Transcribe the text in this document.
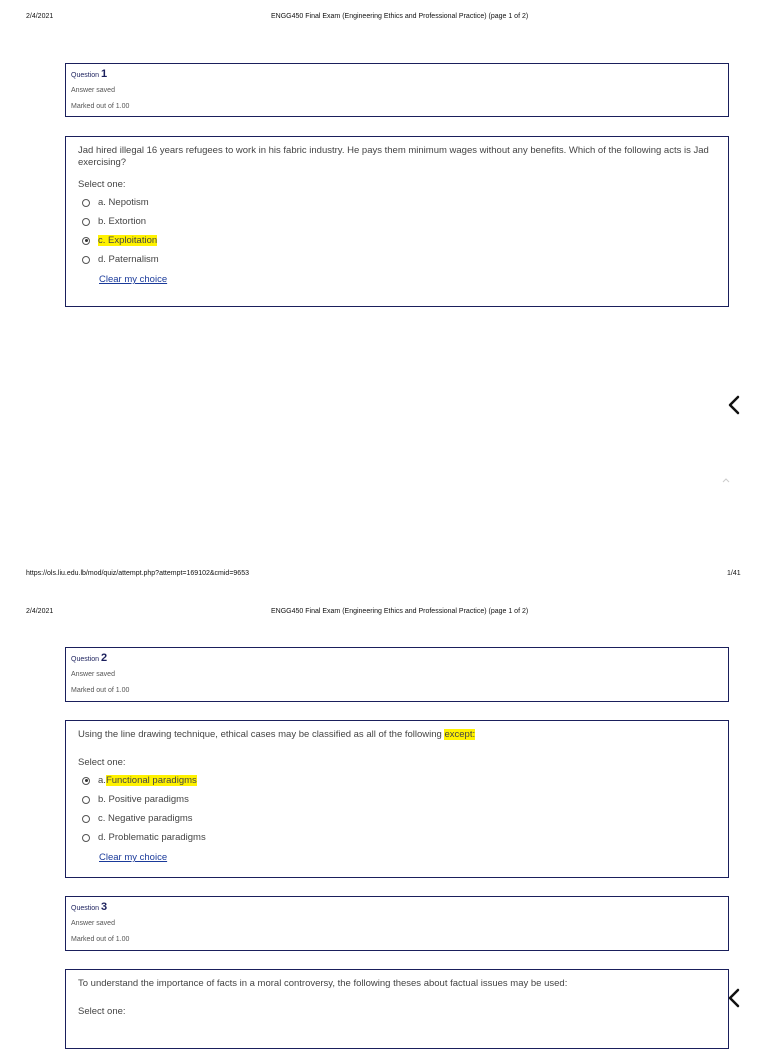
2/4/2021	ENGG450 Final Exam (Engineering Ethics and Professional Practice) (page 1 of 2)
Question 1
Answer saved
Marked out of 1.00
Jad hired illegal 16 years refugees to work in his fabric industry. He pays them minimum wages without any benefits. Which of the following acts is Jad exercising?
Select one:
a. Nepotism
b. Extortion
c. Exploitation
d. Paternalism
Clear my choice
https://ols.liu.edu.lb/mod/quiz/attempt.php?attempt=169102&cmid=9653	1/41
2/4/2021	ENGG450 Final Exam (Engineering Ethics and Professional Practice) (page 1 of 2)
Question 2
Answer saved
Marked out of 1.00
Using the line drawing technique, ethical cases may be classified as all of the following except:
Select one:
a. Functional paradigms
b. Positive paradigms
c. Negative paradigms
d. Problematic paradigms
Clear my choice
Question 3
Answer saved
Marked out of 1.00
To understand the importance of facts in a moral controversy, the following theses about factual issues may be used:
Select one:
